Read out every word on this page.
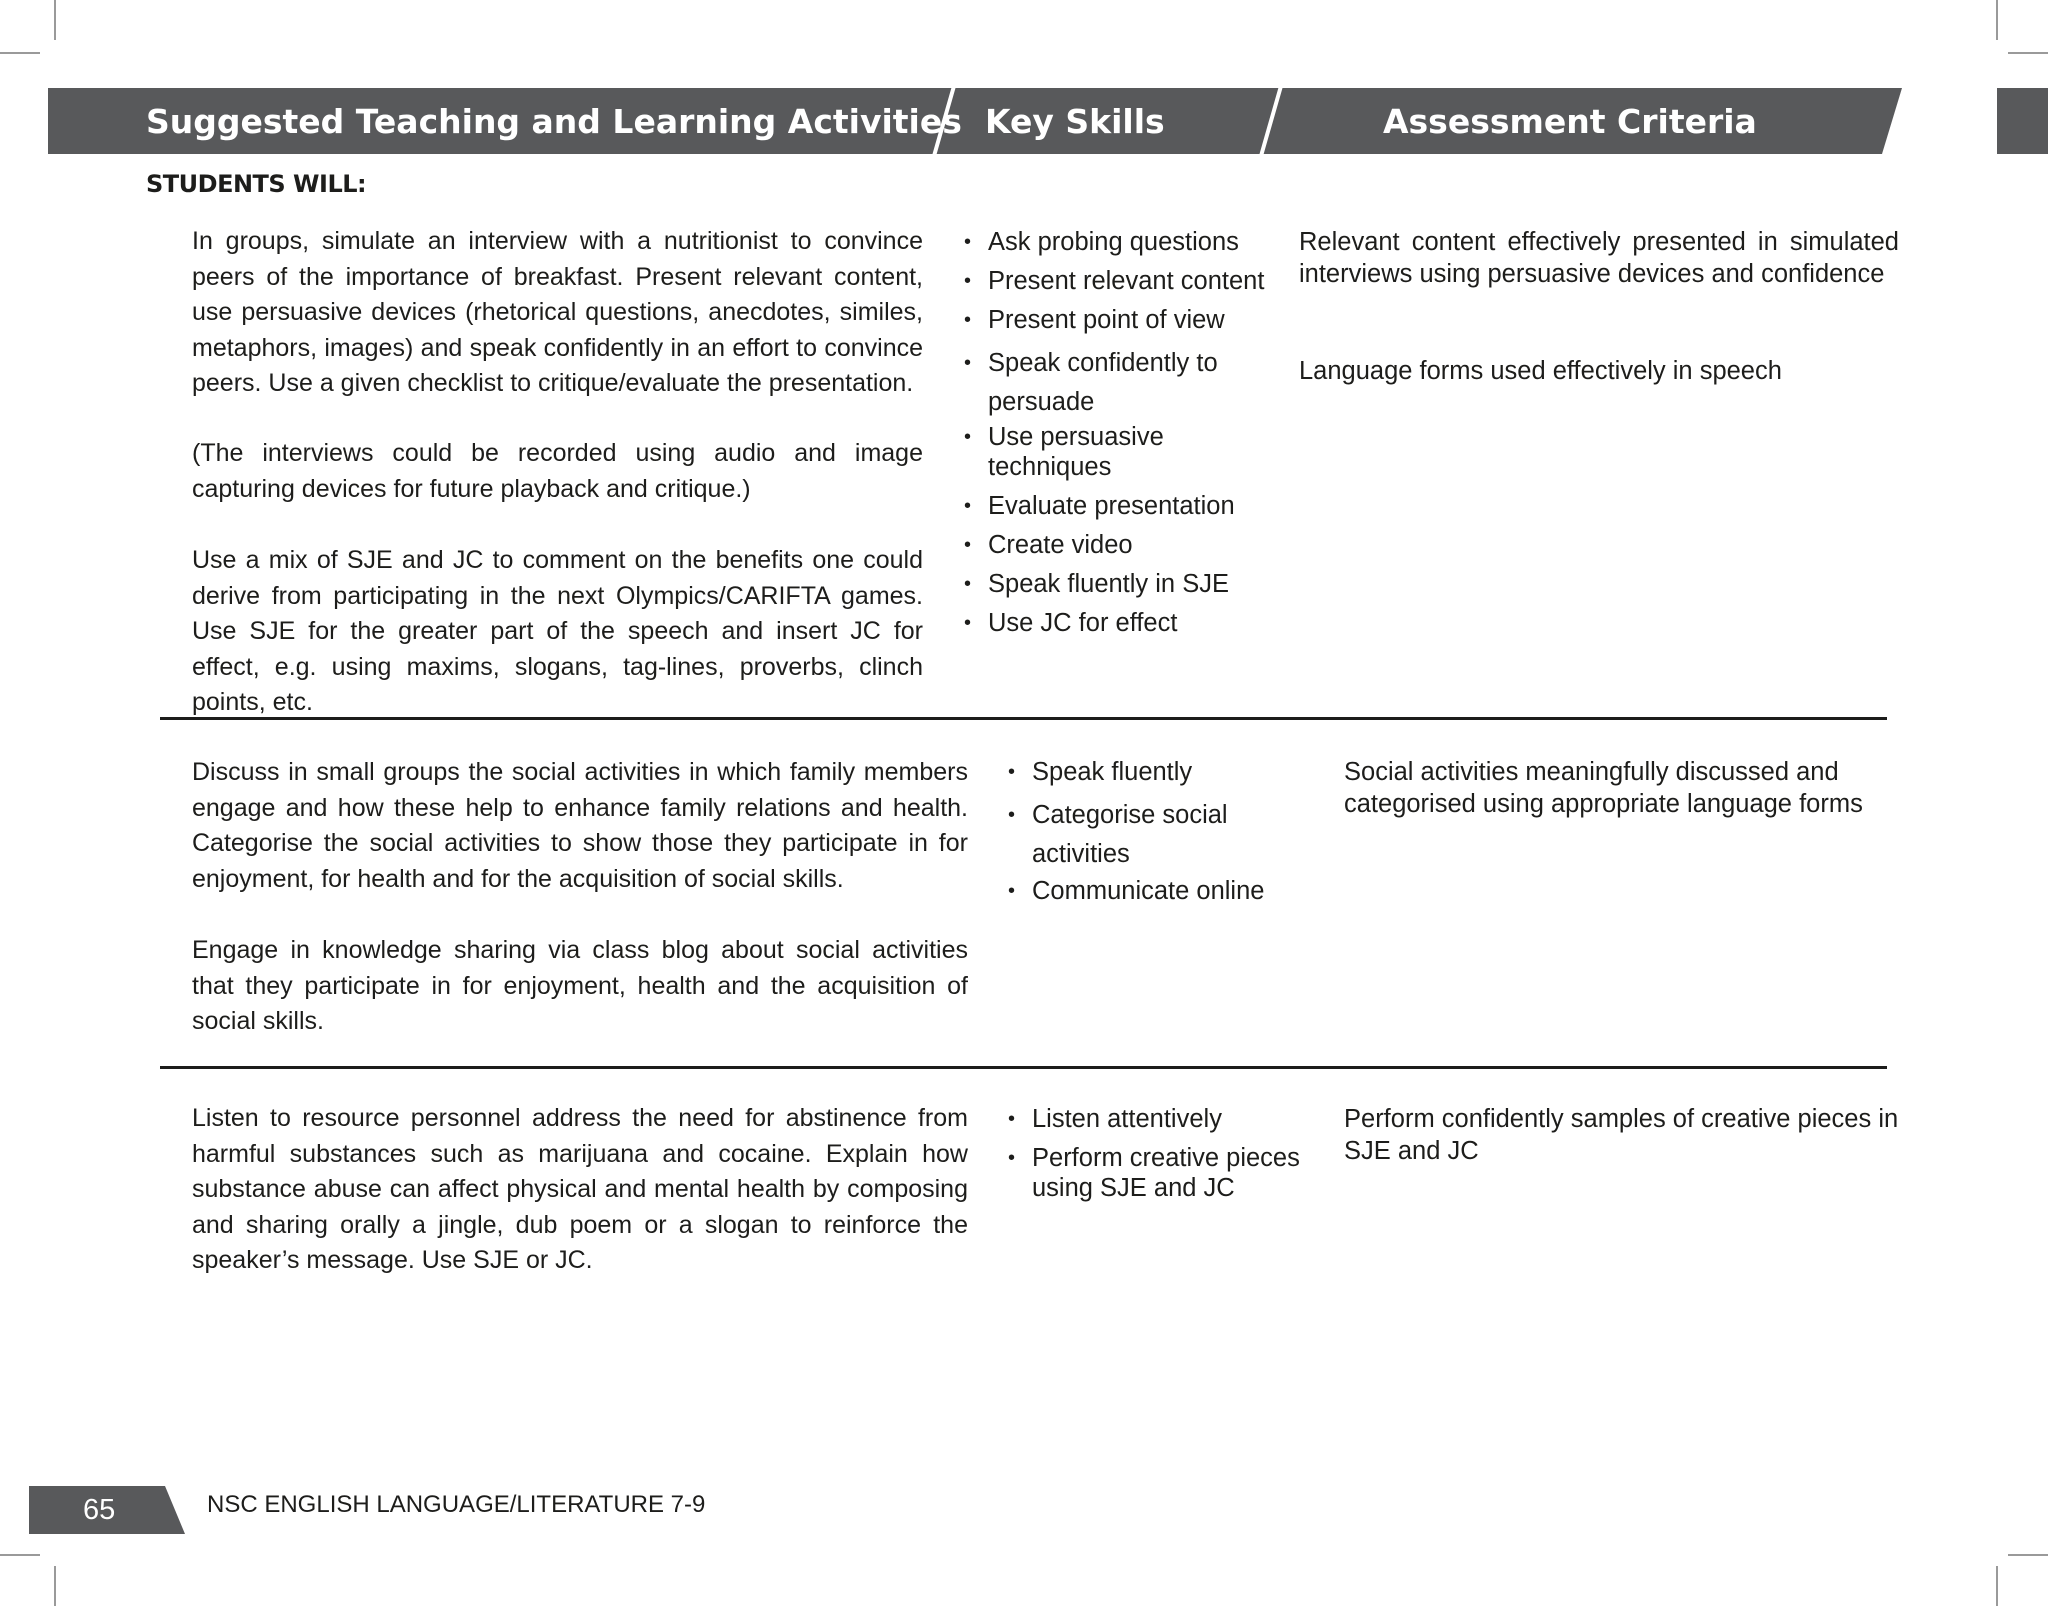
Suggested Teaching and Learning Activities Key Skills	Assessment Criteria
STUDENTS WILL:

In groups, simulate an interview with a nutritionist to convince peers of the importance of breakfast. Present relevant content, use persuasive devices (rhetorical questions, anecdotes, similes, metaphors, images) and speak confidently in an effort to convince peers. Use a given checklist to critique/evaluate the presentation.

(The interviews could be recorded using audio and image capturing devices for future playback and critique.)

Use a mix of SJE and JC to comment on the benefits one could derive from participating in the next Olympics/CARIFTA games. Use SJE for the greater part of the speech and insert JC for effect, e.g. using maxims, slogans, tag-lines, proverbs, clinch points, etc.

• Ask probing questions
• Present relevant content
• Present point of view
• Speak confidently to persuade
• Use persuasive techniques
• Evaluate presentation
• Create video
• Speak fluently in SJE
• Use JC for effect

Relevant content effectively presented in simulated interviews using persuasive devices and confidence

Language forms used effectively in speech

Discuss in small groups the social activities in which family members engage and how these help to enhance family relations and health. Categorise the social activities to show those they participate in for enjoyment, for health and for the acquisition of social skills.

Engage in knowledge sharing via class blog about social activities that they participate in for enjoyment, health and the acquisition of social skills.

• Speak fluently
• Categorise social activities
• Communicate online

Social activities meaningfully discussed and categorised using appropriate language forms

Listen to resource personnel address the need for abstinence from harmful substances such as marijuana and cocaine. Explain how substance abuse can affect physical and mental health by composing and sharing orally a jingle, dub poem or a slogan to reinforce the speaker’s message. Use SJE or JC.

• Listen attentively
• Perform creative pieces using SJE and JC

Perform confidently samples of creative pieces in SJE and JC

65	NSC ENGLISH LANGUAGE/LITERATURE 7-9
